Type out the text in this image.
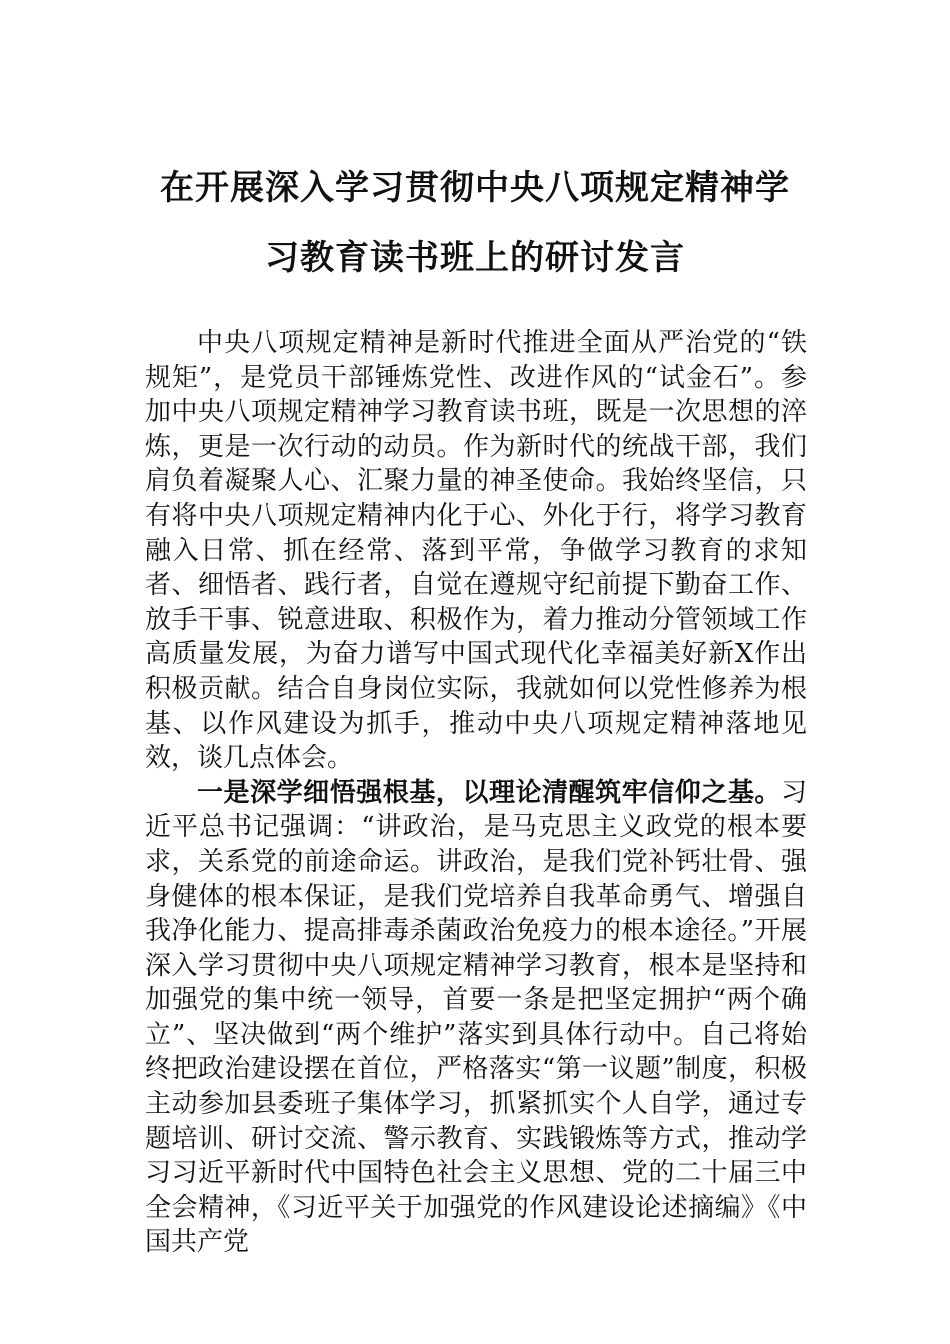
在开展深入学习贯彻中央八项规定精神学
习教育读书班上的研讨发言

中央八项规定精神是新时代推进全面从严治党的“铁规矩”，是党员干部锤炼党性、改进作风的“试金石”。参加中央八项规定精神学习教育读书班，既是一次思想的淬炼，更是一次行动的动员。作为新时代的统战干部，我们肩负着凝聚人心、汇聚力量的神圣使命。我始终坚信，只有将中央八项规定精神内化于心、外化于行，将学习教育融入日常、抓在经常、落到平常，争做学习教育的求知者、细悟者、践行者，自觉在遵规守纪前提下勤奋工作、放手干事、锐意进取、积极作为，着力推动分管领域工作高质量发展，为奋力谱写中国式现代化幸福美好新X作出积极贡献。结合自身岗位实际，我就如何以党性修养为根基、以作风建设为抓手，推动中央八项规定精神落地见效，谈几点体会。

一是深学细悟强根基，以理论清醒筑牢信仰之基。习近平总书记强调：“讲政治，是马克思主义政党的根本要求，关系党的前途命运。讲政治，是我们党补钙壮骨、强身健体的根本保证，是我们党培养自我革命勇气、增强自我净化能力、提高排毒杀菌政治免疫力的根本途径。”开展深入学习贯彻中央八项规定精神学习教育，根本是坚持和加强党的集中统一领导，首要一条是把坚定拥护“两个确立”、坚决做到“两个维护”落实到具体行动中。自己将始终把政治建设摆在首位，严格落实“第一议题”制度，积极主动参加县委班子集体学习，抓紧抓实个人自学，通过专题培训、研讨交流、警示教育、实践锻炼等方式，推动学习习近平新时代中国特色社会主义思想、党的二十届三中全会精神，《习近平关于加强党的作风建设论述摘编》《中国共产党
